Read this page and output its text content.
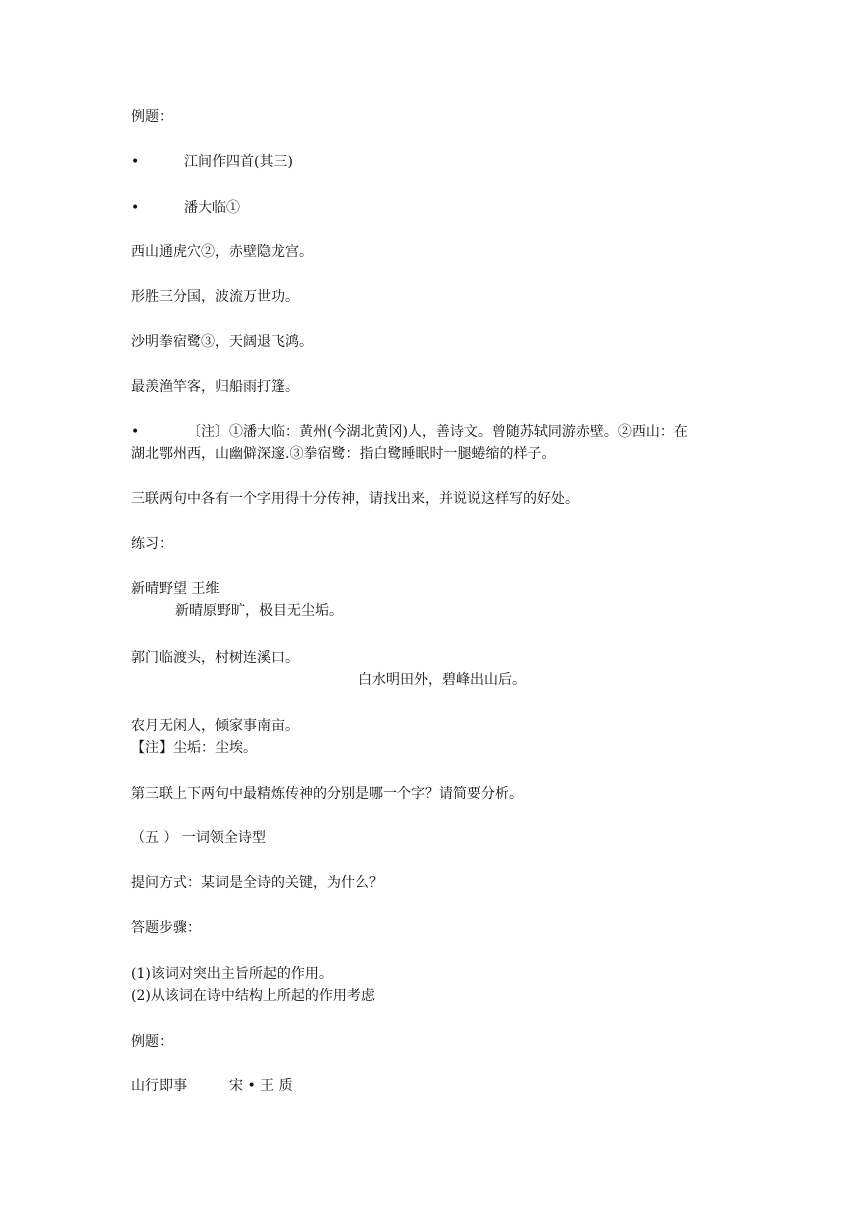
例题：
•	江间作四首(其三)
•	潘大临①
西山通虎穴②，赤壁隐龙宫。
形胜三分国，波流万世功。
沙明拳宿鹭③，天阔退飞鸿。
最羡渔竿客，归船雨打篷。
•	〔注〕①潘大临：黄州(今湖北黄冈)人，善诗文。曾随苏轼同游赤壁。②西山：在
湖北鄂州西，山幽僻深邃.③拳宿鹭：指白鹭睡眠时一腿蜷缩的样子。
三联两句中各有一个字用得十分传神，请找出来，并说说这样写的好处。
练习：
新晴野望 王维
新晴原野旷，极目无尘垢。
郭门临渡头，村树连溪口。
白水明田外，碧峰出山后。
农月无闲人，倾家事南亩。
【注】尘垢：尘埃。
第三联上下两句中最精炼传神的分别是哪一个字？请简要分析。
（五 ） 一词领全诗型
提问方式：某词是全诗的关键，为什么？
答题步骤：
(1)该词对突出主旨所起的作用。
(2)从该词在诗中结构上所起的作用考虑
例题：
山行即事	宋 • 王 质
